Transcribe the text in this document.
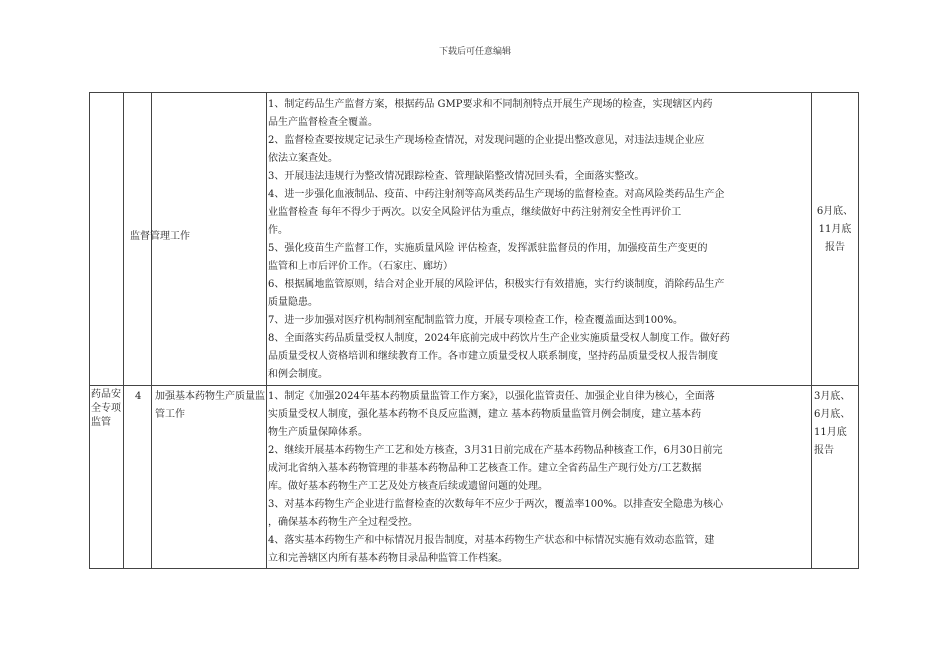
下载后可任意编辑
监督管理工作
1、制定药品生产监督方案，根据药品 GMP要求和不同制剂特点开展生产现场的检查，实现辖区内药
品生产监督检查全覆盖。
2、监督检查要按规定记录生产现场检查情况，对发现问题的企业提出整改意见，对违法违规企业应
依法立案查处。
3、开展违法违规行为整改情况跟踪检查、管理缺陷整改情况回头看，全面落实整改。
4、进一步强化血液制品、疫苗、中药注射剂等高风类药品生产现场的监督检查。对高风险类药品生产企
业监督检查 每年不得少于两次。以安全风险评估为重点，继续做好中药注射剂安全性再评价工
作。
5、强化疫苗生产监督工作，实施质量风险 评估检查，发挥派驻监督员的作用，加强疫苗生产变更的
监管和上市后评价工作。（石家庄、廊坊）
6、根据属地监管原则，结合对企业开展的风险评估，积极实行有效措施，实行约谈制度，消除药品生产
质量隐患。
7、进一步加强对医疗机构制剂室配制监管力度，开展专项检查工作，检查覆盖面达到100%。
8、全面落实药品质量受权人制度，2024年底前完成中药饮片生产企业实施质量受权人制度工作。做好药
品质量受权人资格培训和继续教育工作。各市建立质量受权人联系制度，坚持药品质量受权人报告制度
和例会制度。
6月底、11月底报告
药品安全专项监管
4 加强基本药物生产质量监管工作
1、制定《加强2024年基本药物质量监管工作方案》，以强化监管责任、加强企业自律为核心，全面落
实质量受权人制度，强化基本药物不良反应监测，建立 基本药物质量监管月例会制度，建立基本药
物生产质量保障体系。
2、继续开展基本药物生产工艺和处方核查，3月31日前完成在产基本药物品种核查工作，6月30日前完
成河北省纳入基本药物管理的非基本药物品种工艺核查工作。建立全省药品生产现行处方/工艺数据
库。做好基本药物生产工艺及处方核查后续或遗留问题的处理。
3、对基本药物生产企业进行监督检查的次数每年不应少于两次，覆盖率100%。以排查安全隐患为核心
，确保基本药物生产全过程受控。
4、落实基本药物生产和中标情况月报告制度，对基本药物生产状态和中标情况实施有效动态监管，建
立和完善辖区内所有基本药物目录品种监管工作档案。
3月底、6月底、11月底报告
